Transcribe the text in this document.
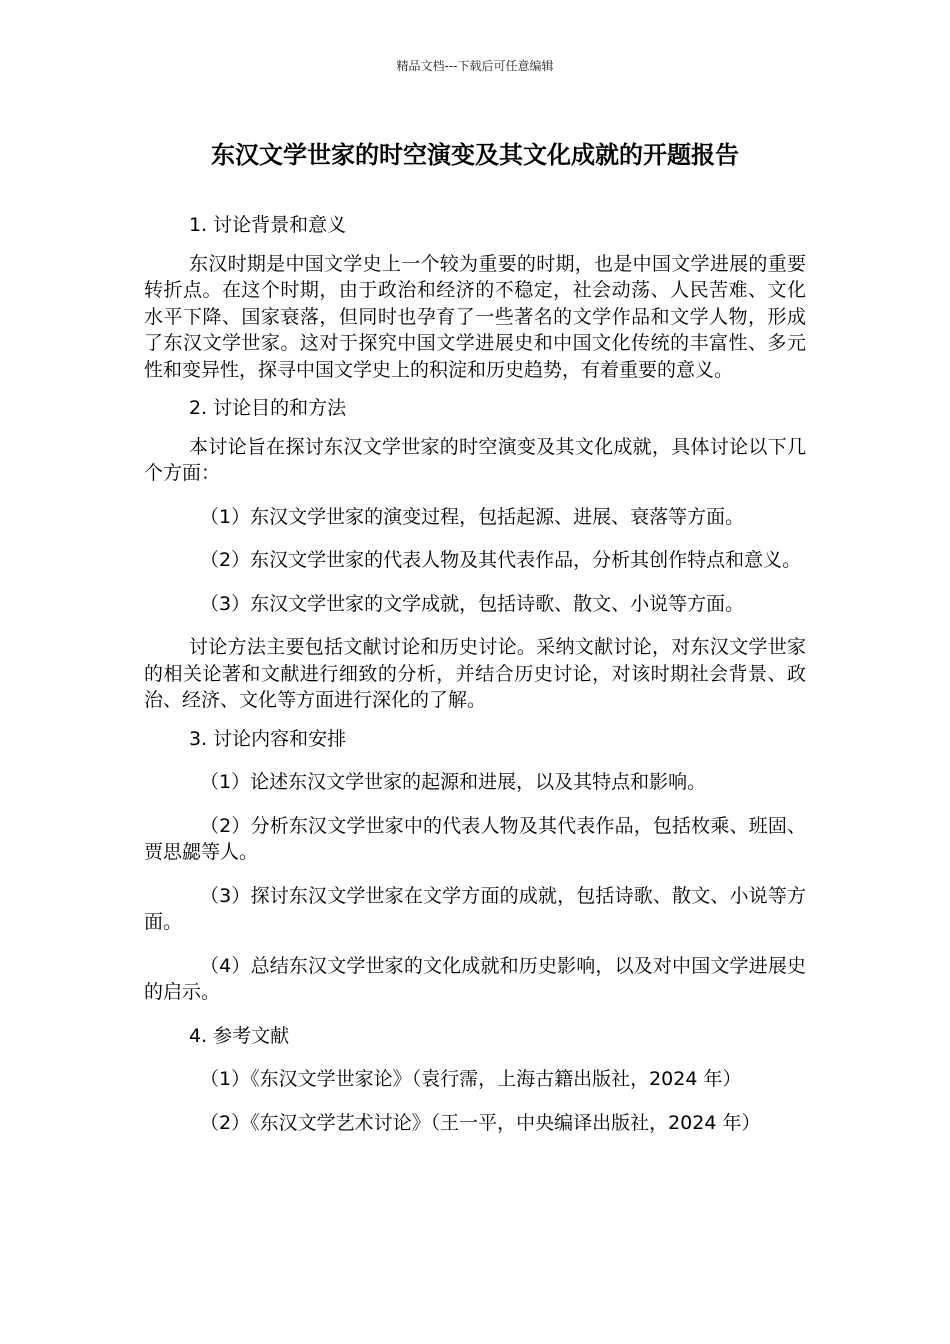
精品文档---下载后可任意编辑
东汉文学世家的时空演变及其文化成就的开题报告

1. 讨论背景和意义

东汉时期是中国文学史上一个较为重要的时期，也是中国文学进展的重要转折点。在这个时期，由于政治和经济的不稳定，社会动荡、人民苦难、文化水平下降、国家衰落，但同时也孕育了一些著名的文学作品和文学人物，形成了东汉文学世家。这对于探究中国文学进展史和中国文化传统的丰富性、多元性和变异性，探寻中国文学史上的积淀和历史趋势，有着重要的意义。

2. 讨论目的和方法

本讨论旨在探讨东汉文学世家的时空演变及其文化成就，具体讨论以下几个方面：

（1）东汉文学世家的演变过程，包括起源、进展、衰落等方面。

（2）东汉文学世家的代表人物及其代表作品，分析其创作特点和意义。

（3）东汉文学世家的文学成就，包括诗歌、散文、小说等方面。

讨论方法主要包括文献讨论和历史讨论。采纳文献讨论，对东汉文学世家的相关论著和文献进行细致的分析，并结合历史讨论，对该时期社会背景、政治、经济、文化等方面进行深化的了解。

3. 讨论内容和安排

（1）论述东汉文学世家的起源和进展，以及其特点和影响。

（2）分析东汉文学世家中的代表人物及其代表作品，包括枚乘、班固、贾思勰等人。

（3）探讨东汉文学世家在文学方面的成就，包括诗歌、散文、小说等方面。

（4）总结东汉文学世家的文化成就和历史影响，以及对中国文学进展史的启示。

4. 参考文献

（1）《东汉文学世家论》（袁行霈，上海古籍出版社，2024 年）

（2）《东汉文学艺术讨论》（王一平，中央编译出版社，2024 年）
